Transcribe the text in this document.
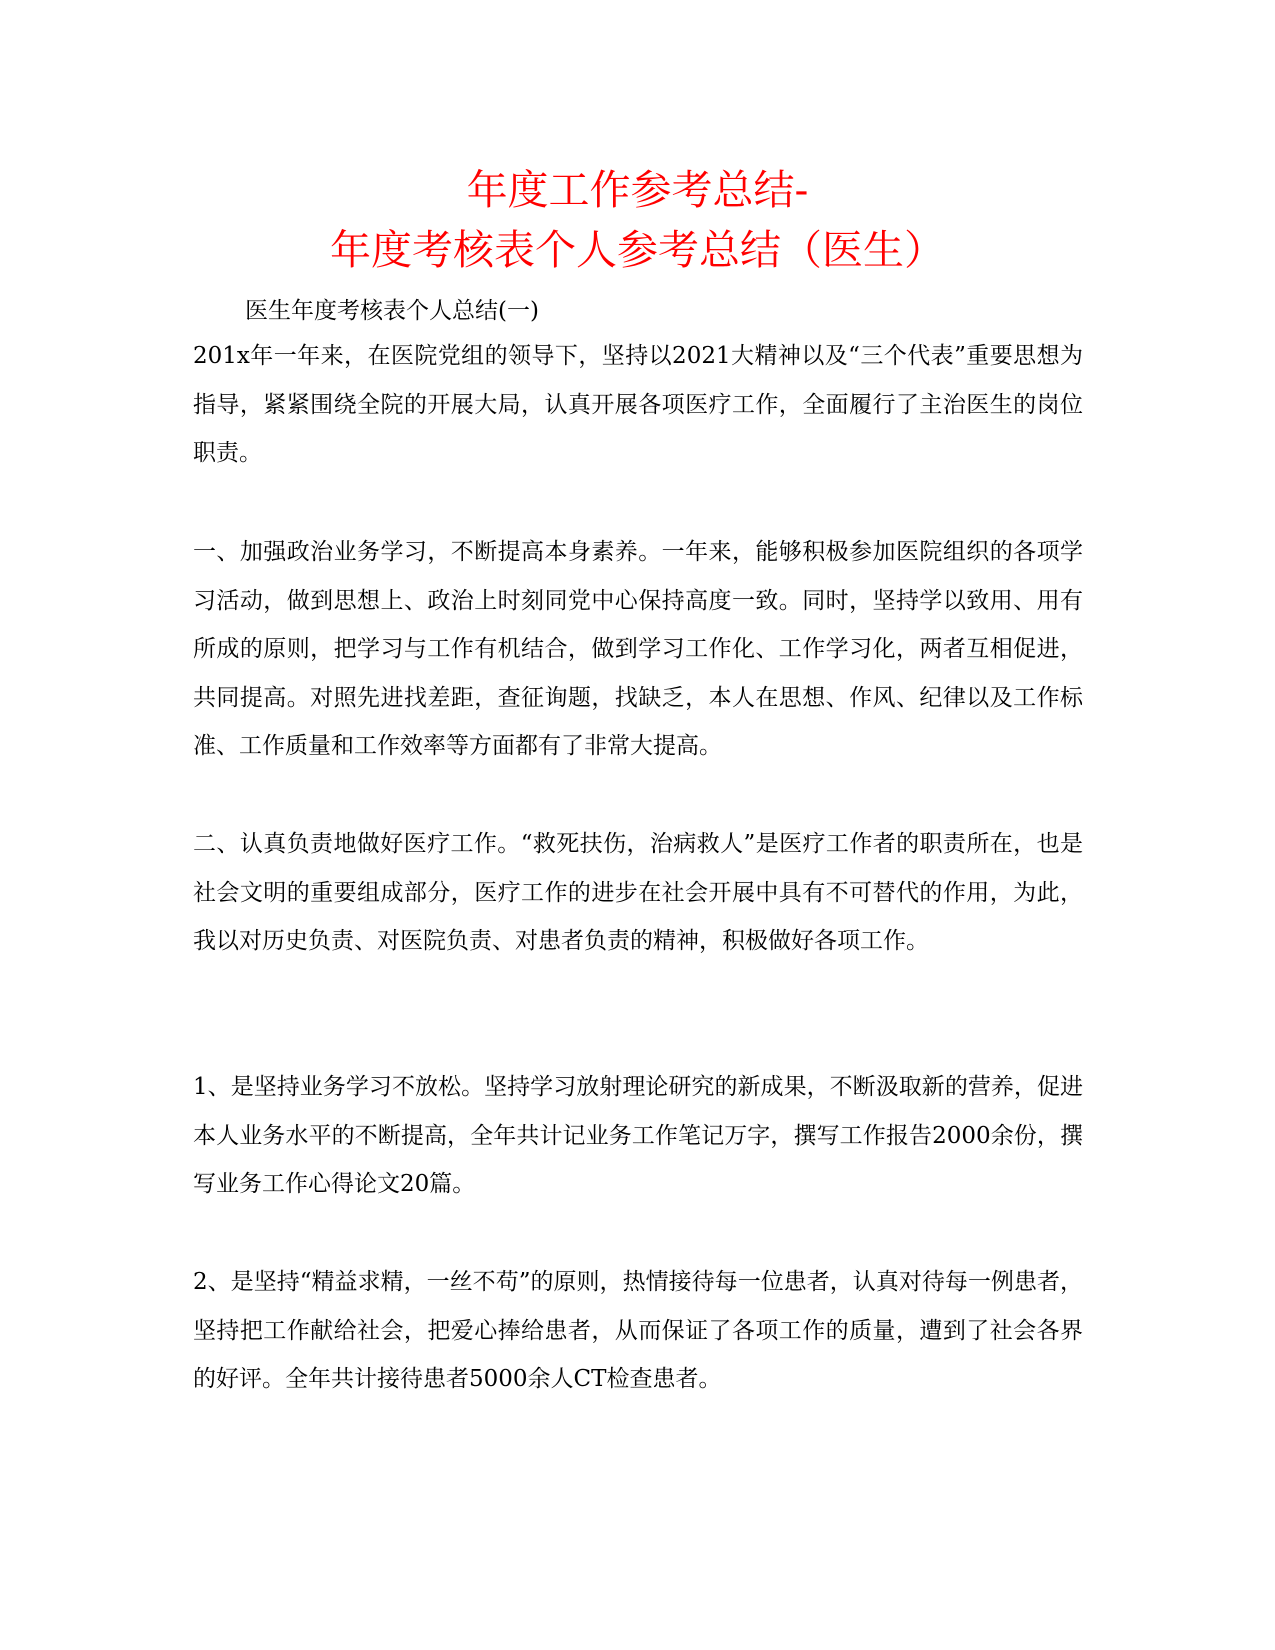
年度工作参考总结-
年度考核表个人参考总结（医生）
医生年度考核表个人总结(一)

201x年一年来，在医院党组的领导下，坚持以2021大精神以及“三个代表”重要思想为指导，紧紧围绕全院的开展大局，认真开展各项医疗工作，全面履行了主治医生的岗位职责。

一、加强政治业务学习，不断提高本身素养。一年来，能够积极参加医院组织的各项学习活动，做到思想上、政治上时刻同党中心保持高度一致。同时，坚持学以致用、用有所成的原则，把学习与工作有机结合，做到学习工作化、工作学习化，两者互相促进，共同提高。对照先进找差距，查征询题，找缺乏，本人在思想、作风、纪律以及工作标准、工作质量和工作效率等方面都有了非常大提高。

二、认真负责地做好医疗工作。“救死扶伤，治病救人”是医疗工作者的职责所在，也是社会文明的重要组成部分，医疗工作的进步在社会开展中具有不可替代的作用，为此，我以对历史负责、对医院负责、对患者负责的精神，积极做好各项工作。

1、是坚持业务学习不放松。坚持学习放射理论研究的新成果，不断汲取新的营养，促进本人业务水平的不断提高，全年共计记业务工作笔记万字，撰写工作报告2000余份，撰写业务工作心得论文20篇。

2、是坚持“精益求精，一丝不苟”的原则，热情接待每一位患者，认真对待每一例患者，坚持把工作献给社会，把爱心捧给患者，从而保证了各项工作的质量，遭到了社会各界的好评。全年共计接待患者5000余人CT检查患者。
